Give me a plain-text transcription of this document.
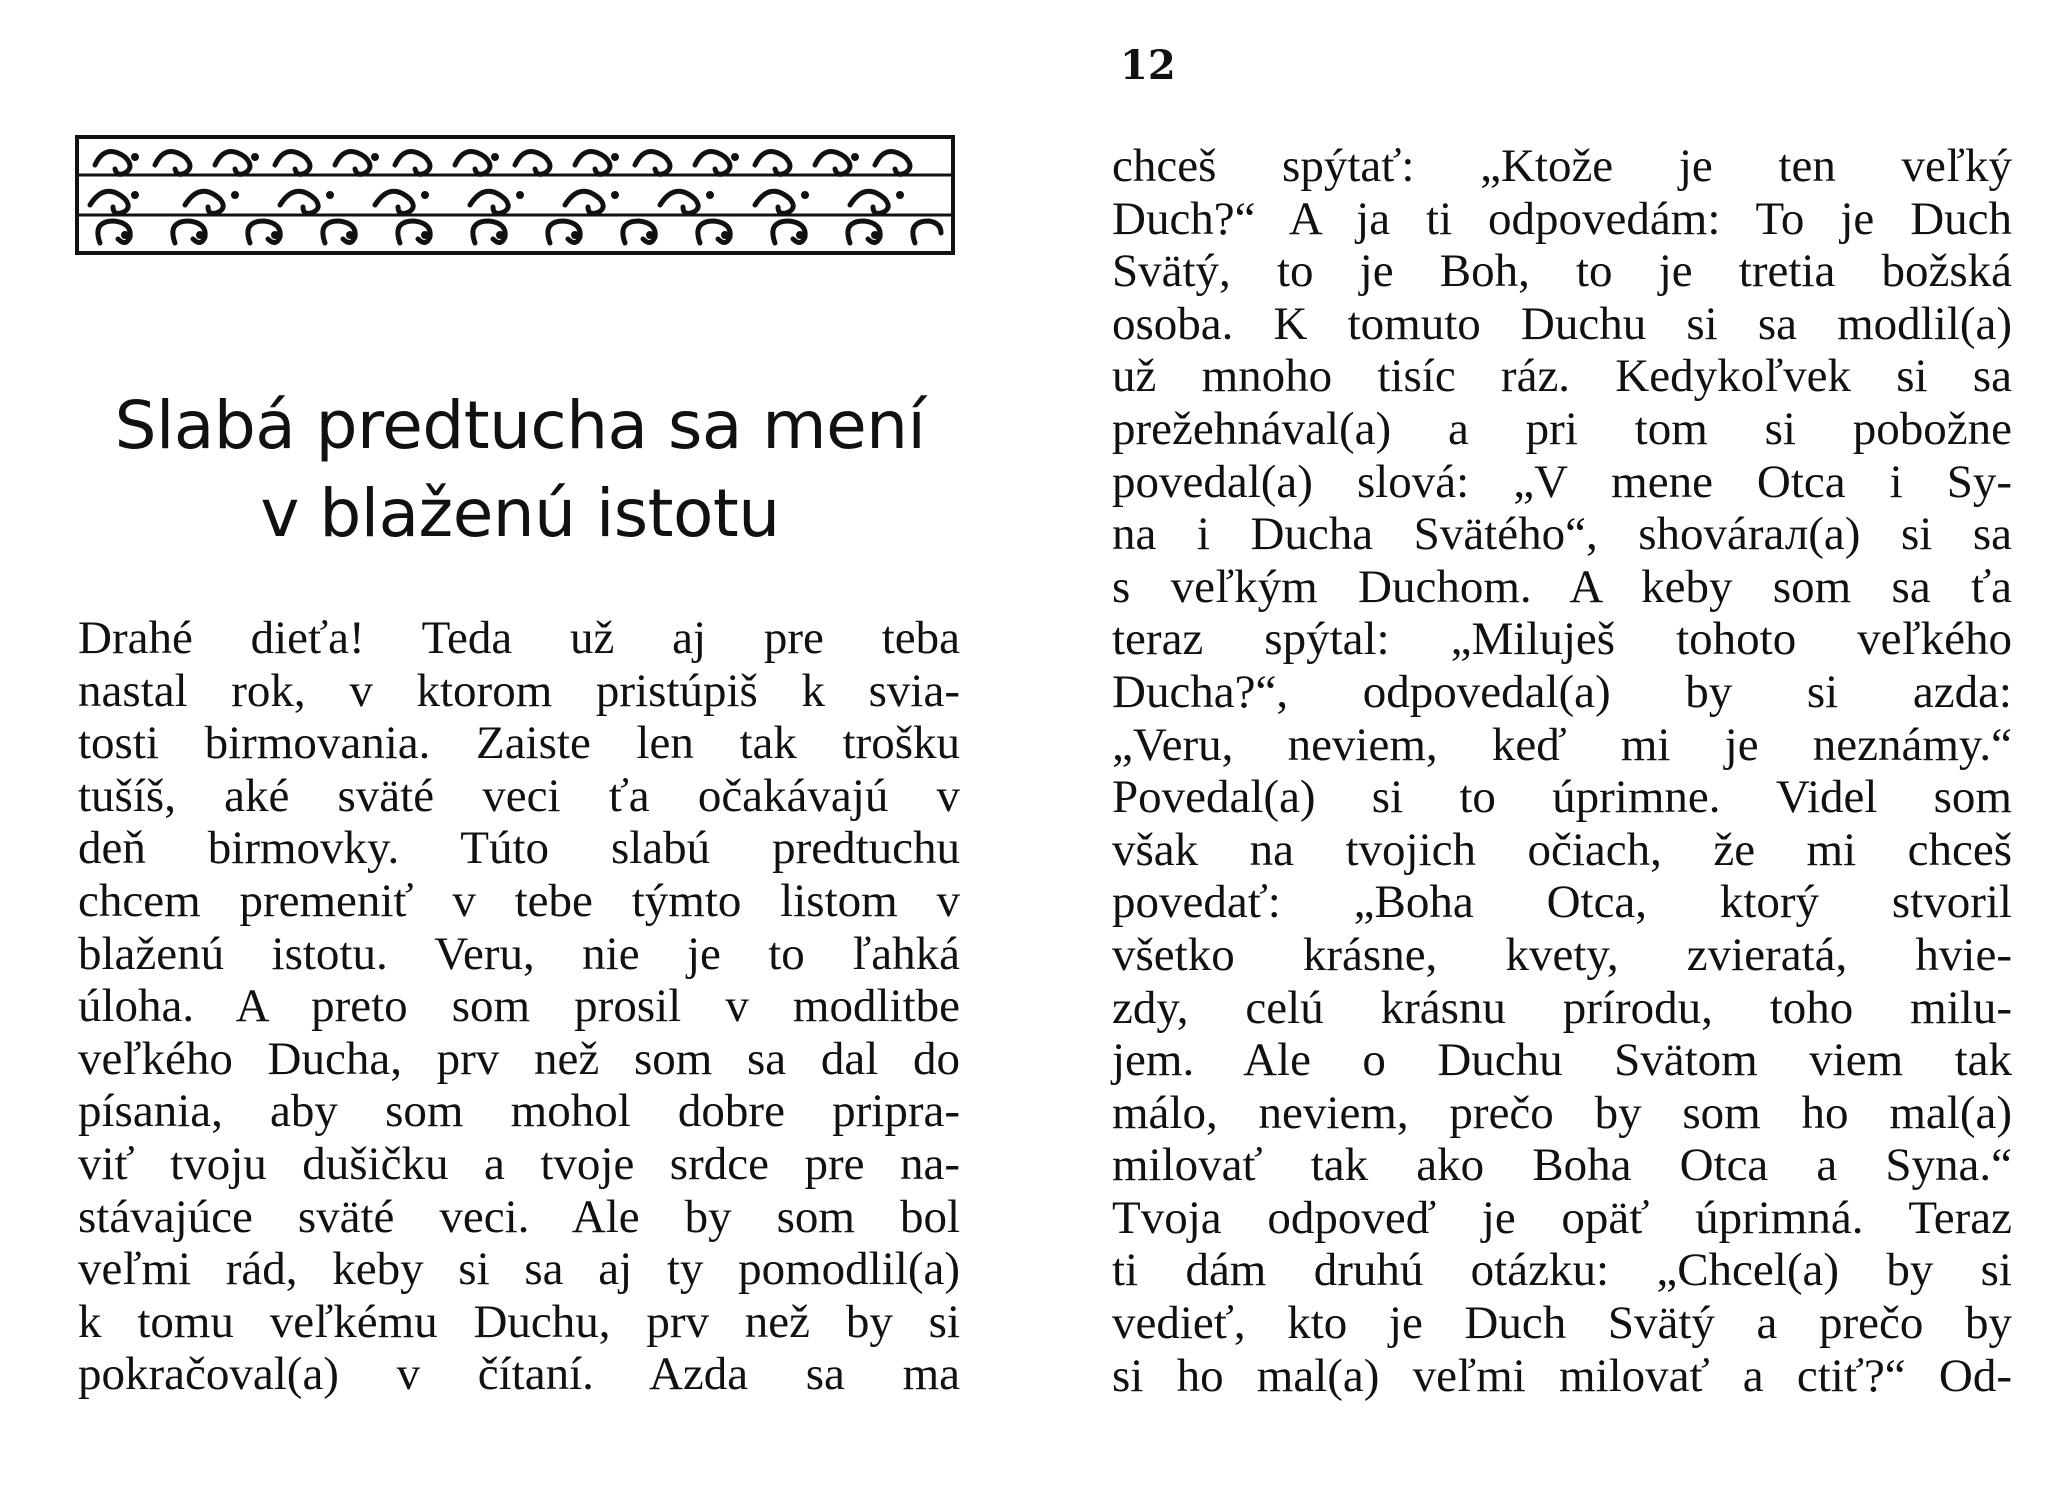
Slabá predtucha sa mení
v blaženú istotu
Drahé dieťa! Teda už aj pre teba
nastal rok, v ktorom pristúpiš k svia-
tosti birmovania. Zaiste len tak trošku
tušíš, aké sväté veci ťa očakávajú v
deň birmovky. Túto slabú predtuchu
chcem premeniť v tebe týmto listom v
blaženú istotu. Veru, nie je to ľahká
úloha. A preto som prosil v modlitbe
veľkého Ducha, prv než som sa dal do
písania, aby som mohol dobre pripra-
viť tvoju dušičku a tvoje srdce pre na-
stávajúce sväté veci. Ale by som bol
veľmi rád, keby si sa aj ty pomodlil(a)
k tomu veľkému Duchu, prv než by si
pokračoval(a) v čítaní. Azda sa ma
12
chceš spýtať: „Ktože je ten veľký
Duch?“ A ja ti odpovedám: To je Duch
Svätý, to je Boh, to je tretia božská
osoba. K tomuto Duchu si sa modlil(a)
už mnoho tisíc ráz. Kedykoľvek si sa
prežehnával(a) a pri tom si pobožne
povedal(a) slová: „V mene Otca i Sy-
na i Ducha Svätého“, shovárал(a) si sa
s veľkým Duchom. A keby som sa ťa
teraz spýtal: „Miluješ tohoto veľkého
Ducha?“, odpovedal(a) by si azda:
„Veru, neviem, keď mi je neznámy.“
Povedal(a) si to úprimne. Videl som
však na tvojich očiach, že mi chceš
povedať: „Boha Otca, ktorý stvoril
všetko krásne, kvety, zvieratá, hvie-
zdy, celú krásnu prírodu, toho milu-
jem. Ale o Duchu Svätom viem tak
málo, neviem, prečo by som ho mal(a)
milovať tak ako Boha Otca a Syna.“
Tvoja odpoveď je opäť úprimná. Teraz
ti dám druhú otázku: „Chcel(a) by si
vedieť, kto je Duch Svätý a prečo by
si ho mal(a) veľmi milovať a ctiť?“ Od-
